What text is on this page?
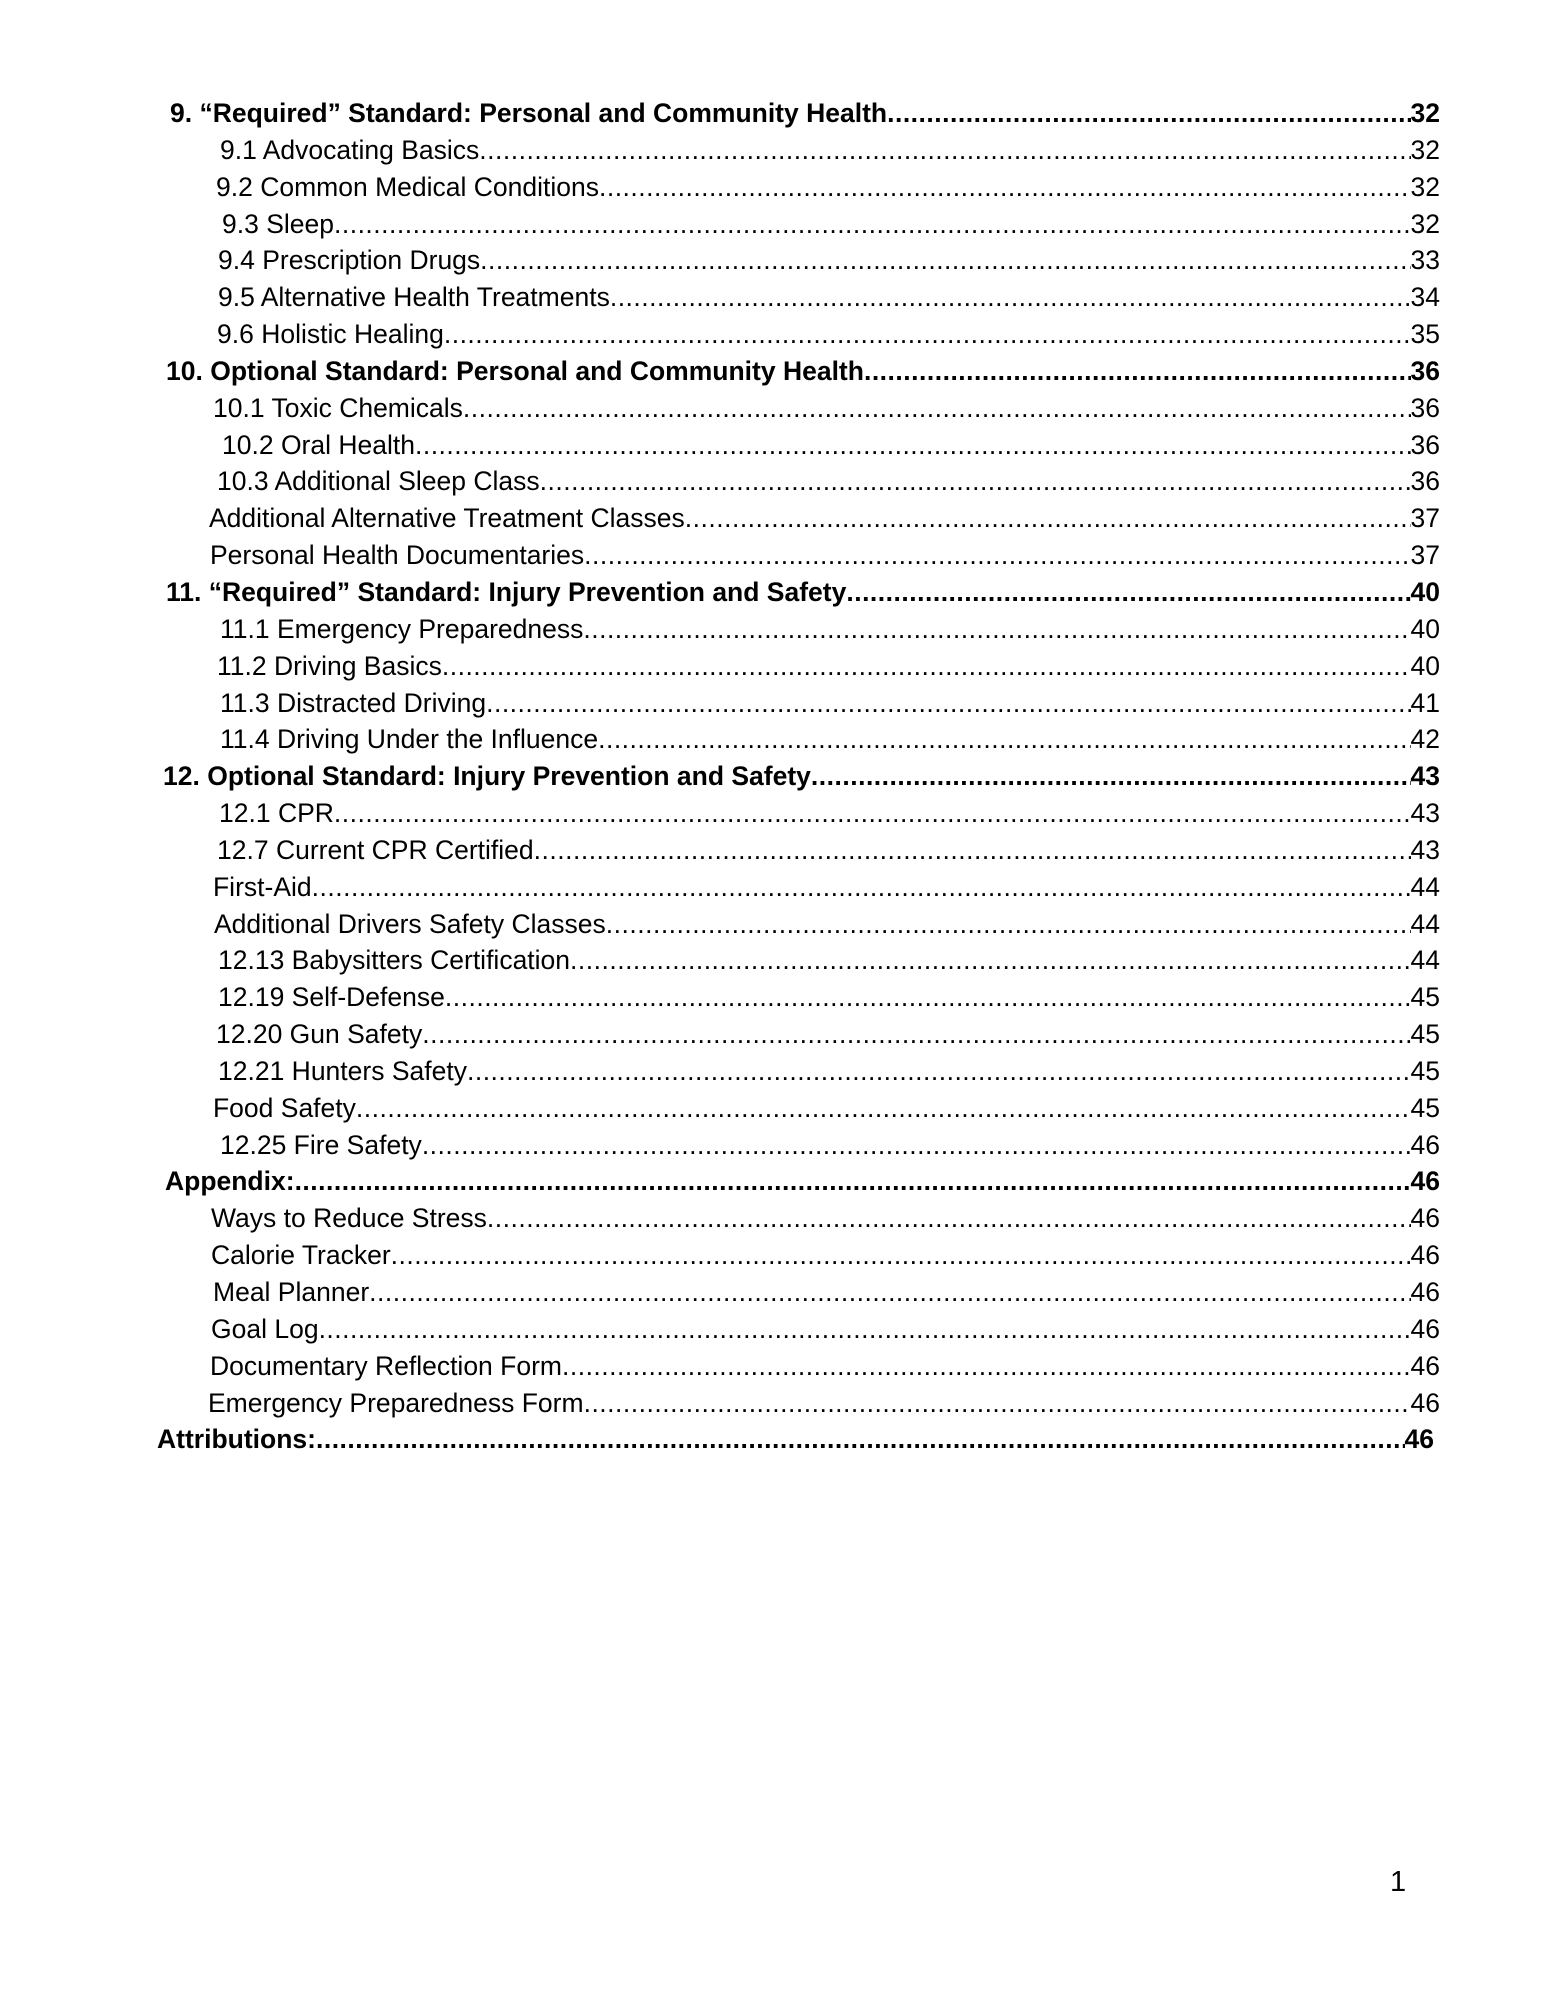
9. “Required” Standard: Personal and Community Health .....	32
9.1 Advocating Basics .....	32
9.2 Common Medical Conditions .....	32
9.3 Sleep .....	32
9.4 Prescription Drugs .....	33
9.5 Alternative Health Treatments .....	34
9.6 Holistic Healing .....	35
10. Optional Standard: Personal and Community Health .....	36
10.1 Toxic Chemicals .....	36
10.2 Oral Health .....	36
10.3 Additional Sleep Class .....	36
Additional Alternative Treatment Classes .....	37
Personal Health Documentaries .....	37
11. “Required” Standard: Injury Prevention and Safety .....	40
11.1 Emergency Preparedness .....	40
11.2 Driving Basics .....	40
11.3 Distracted Driving .....	41
11.4 Driving Under the Influence .....	42
12. Optional Standard: Injury Prevention and Safety .....	43
12.1 CPR .....	43
12.7 Current CPR Certified .....	43
First-Aid .....	44
Additional Drivers Safety Classes .....	44
12.13 Babysitters Certification .....	44
12.19 Self-Defense .....	45
12.20 Gun Safety .....	45
12.21 Hunters Safety .....	45
Food Safety .....	45
12.25 Fire Safety .....	46
Appendix: .....	46
Ways to Reduce Stress .....	46
Calorie Tracker .....	46
Meal Planner .....	46
Goal Log .....	46
Documentary Reflection Form .....	46
Emergency Preparedness Form .....	46
Attributions: .....	46
1
